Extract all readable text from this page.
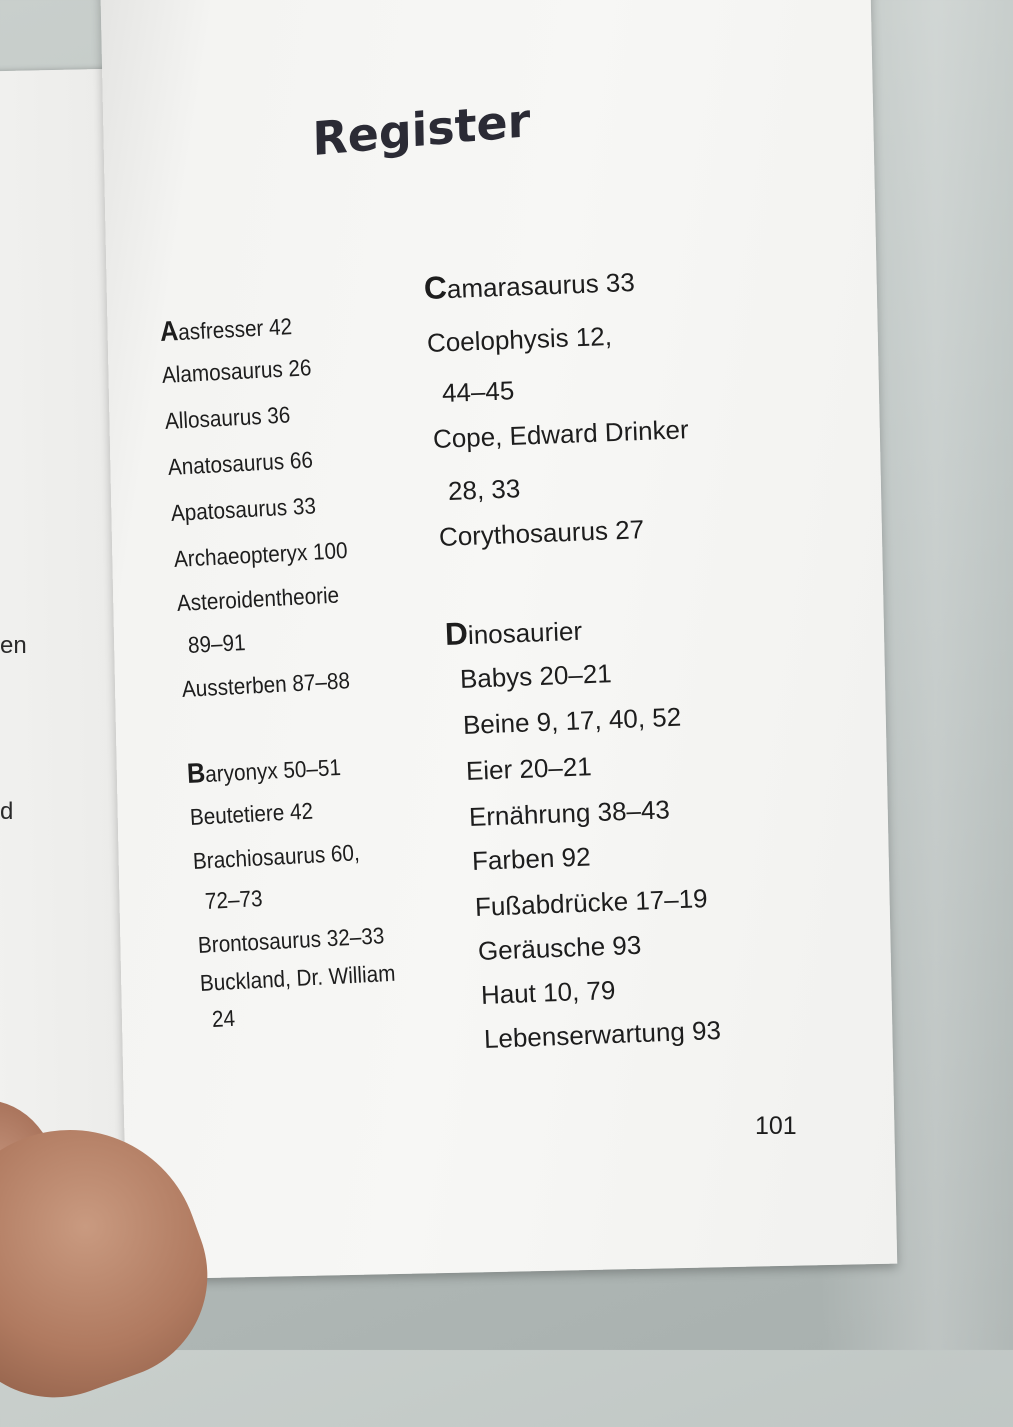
en
d
Register
Aasfresser 42
Alamosaurus 26
Allosaurus 36
Anatosaurus 66
Apatosaurus 33
Archaeopteryx 100
Asteroidentheorie
89–91
Aussterben 87–88
Baryonyx 50–51
Beutetiere 42
Brachiosaurus 60,
72–73
Brontosaurus 32–33
Buckland, Dr. William
24
Camarasaurus 33
Coelophysis 12,
44–45
Cope, Edward Drinker
28, 33
Corythosaurus 27
Dinosaurier
Babys 20–21
Beine 9, 17, 40, 52
Eier 20–21
Ernährung 38–43
Farben 92
Fußabdrücke 17–19
Geräusche 93
Haut 10, 79
Lebenserwartung 93
101
